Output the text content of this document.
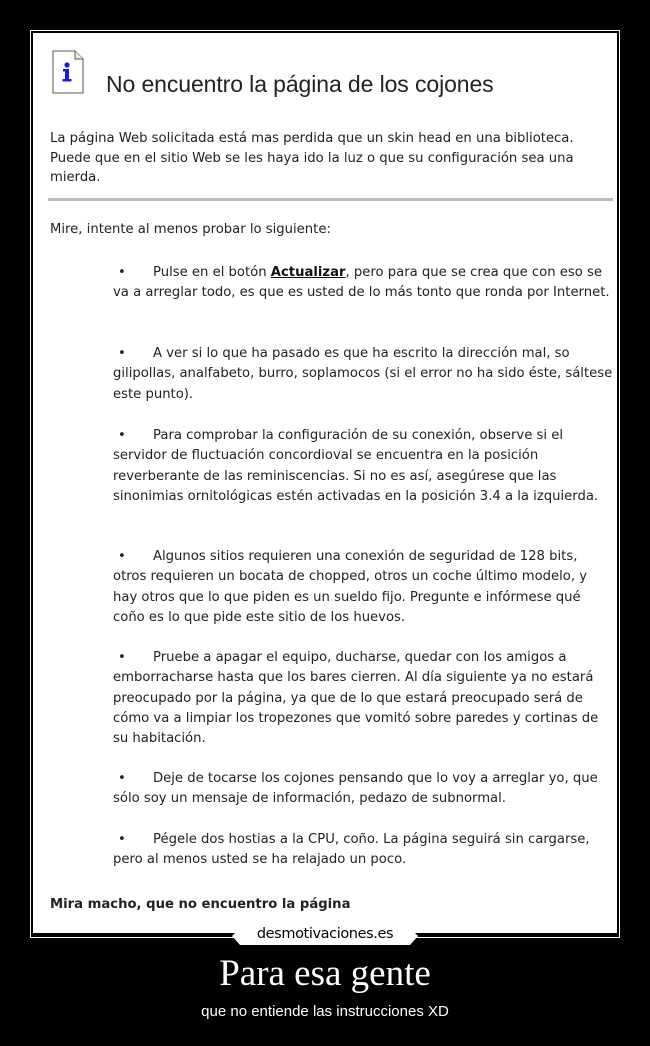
No encuentro la página de los cojones
La página Web solicitada está mas perdida que un skin head en una biblioteca. Puede que en el sitio Web se les haya ido la luz o que su configuración sea una mierda.
Mire, intente al menos probar lo siguiente:
• Pulse en el botón Actualizar, pero para que se crea que con eso se va a arreglar todo, es que es usted de lo más tonto que ronda por Internet.
• A ver si lo que ha pasado es que ha escrito la dirección mal, so gilipollas, analfabeto, burro, soplamocos (si el error no ha sido éste, sáltese este punto).
• Para comprobar la configuración de su conexión, observe si el servidor de fluctuación concordioval se encuentra en la posición reverberante de las reminiscencias. Si no es así, asegúrese que las sinonimias ornitológicas estén activadas en la posición 3.4 a la izquierda.
• Algunos sitios requieren una conexión de seguridad de 128 bits, otros requieren un bocata de chopped, otros un coche último modelo, y hay otros que lo que piden es un sueldo fijo. Pregunte e infórmese qué coño es lo que pide este sitio de los huevos.
• Pruebe a apagar el equipo, ducharse, quedar con los amigos a emborracharse hasta que los bares cierren. Al día siguiente ya no estará preocupado por la página, ya que de lo que estará preocupado será de cómo va a limpiar los tropezones que vomitó sobre paredes y cortinas de su habitación.
• Deje de tocarse los cojones pensando que lo voy a arreglar yo, que sólo soy un mensaje de información, pedazo de subnormal.
• Pégele dos hostias a la CPU, coño. La página seguirá sin cargarse, pero al menos usted se ha relajado un poco.
Mira macho, que no encuentro la página
desmotivaciones.es
Para esa gente
que no entiende las instrucciones XD
